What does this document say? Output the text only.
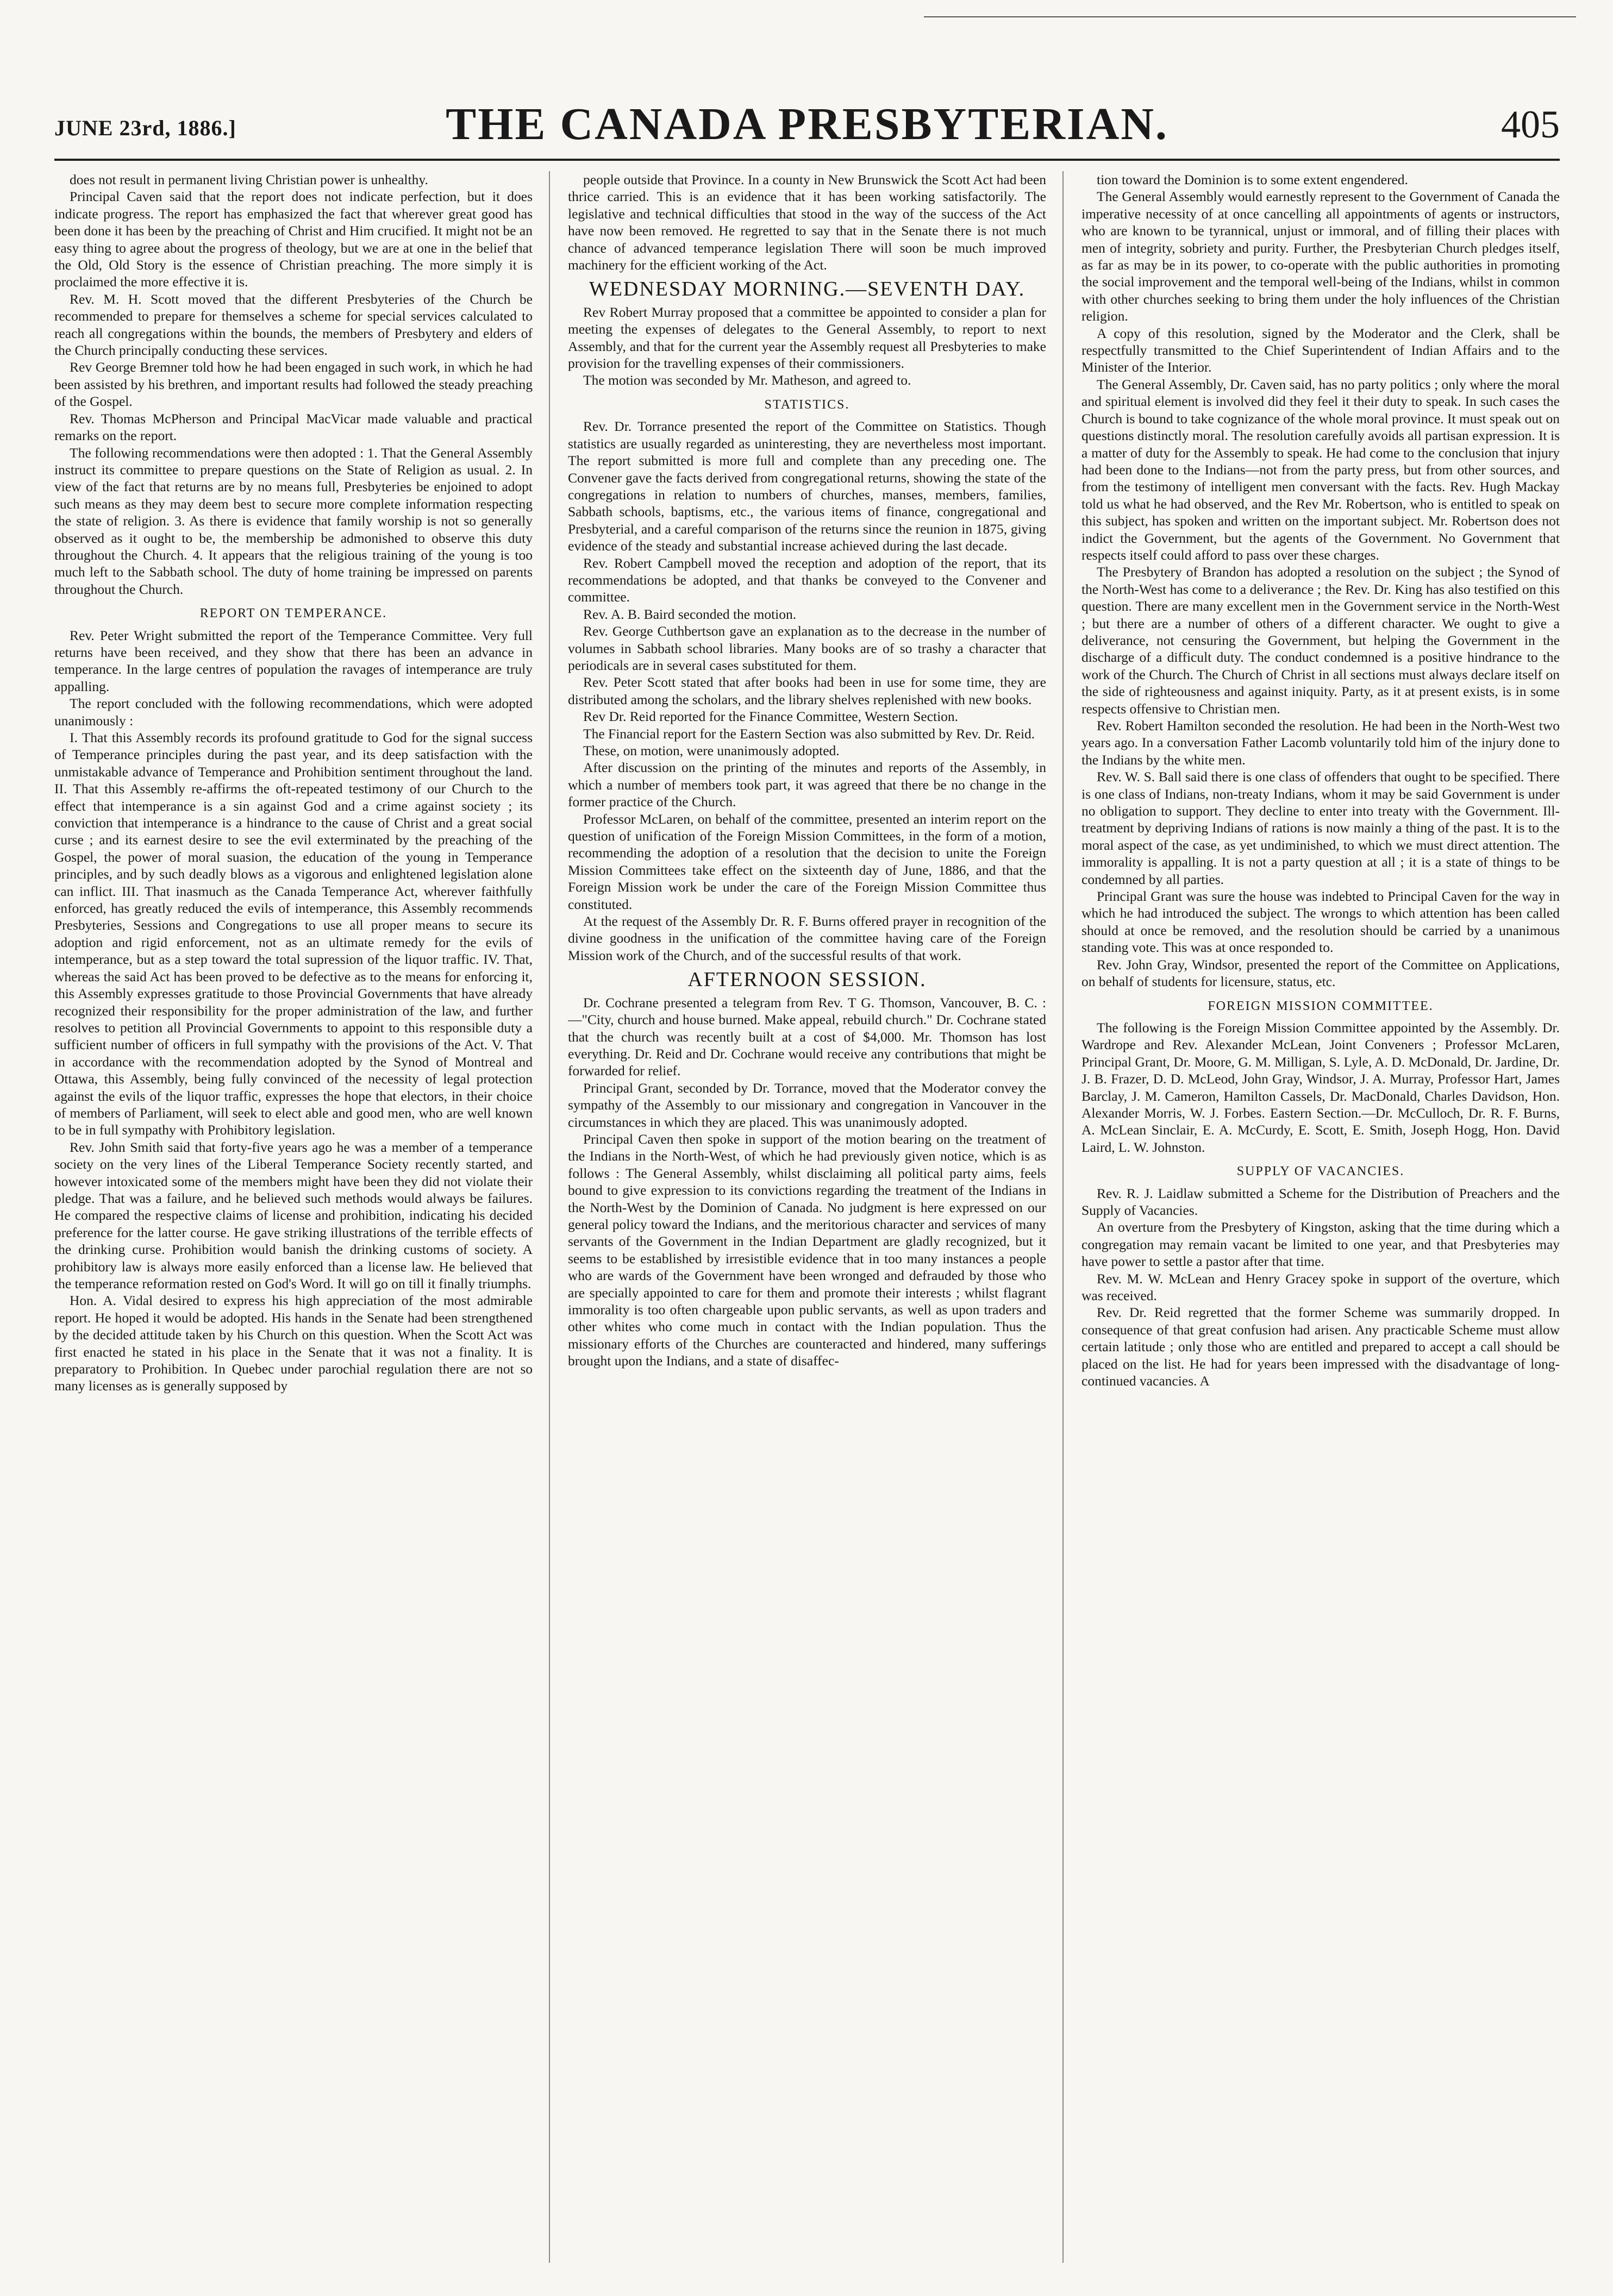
JUNE 23rd, 1886.]	THE CANADA PRESBYTERIAN.	405

does not result in permanent living Christian power is unhealthy.

Principal Caven said that the report does not indicate perfection, but it does indicate progress. The report has emphasized the fact that wherever great good has been done it has been by the preaching of Christ and Him crucified. It might not be an easy thing to agree about the progress of theology, but we are at one in the belief that the Old, Old Story is the essence of Christian preaching. The more simply it is proclaimed the more effective it is.

Rev. M. H. Scott moved that the different Presbyteries of the Church be recommended to prepare for themselves a scheme for special services calculated to reach all congregations within the bounds, the members of Presbytery and elders of the Church principally conducting these services.

Rev George Bremner told how he had been engaged in such work, in which he had been assisted by his brethren, and important results had followed the steady preaching of the Gospel.

Rev. Thomas McPherson and Principal MacVicar made valuable and practical remarks on the report.

The following recommendations were then adopted : 1. That the General Assembly instruct its committee to prepare questions on the State of Religion as usual. 2. In view of the fact that returns are by no means full, Presbyteries be enjoined to adopt such means as they may deem best to secure more complete information respecting the state of religion. 3. As there is evidence that family worship is not so generally observed as it ought to be, the membership be admonished to observe this duty throughout the Church. 4. It appears that the religious training of the young is too much left to the Sabbath school. The duty of home training be impressed on parents throughout the Church.

REPORT ON TEMPERANCE.

Rev. Peter Wright submitted the report of the Temperance Committee. Very full returns have been received, and they show that there has been an advance in temperance. In the large centres of population the ravages of intemperance are truly appalling.

The report concluded with the following recommendations, which were adopted unanimously :

I. That this Assembly records its profound gratitude to God for the signal success of Temperance principles during the past year, and its deep satisfaction with the unmistakable advance of Temperance and Prohibition sentiment throughout the land. II. That this Assembly re-affirms the oft-repeated testimony of our Church to the effect that intemperance is a sin against God and a crime against society ; its conviction that intemperance is a hindrance to the cause of Christ and a great social curse ; and its earnest desire to see the evil exterminated by the preaching of the Gospel, the power of moral suasion, the education of the young in Temperance principles, and by such deadly blows as a vigorous and enlightened legislation alone can inflict. III. That inasmuch as the Canada Temperance Act, wherever faithfully enforced, has greatly reduced the evils of intemperance, this Assembly recommends Presbyteries, Sessions and Congregations to use all proper means to secure its adoption and rigid enforcement, not as an ultimate remedy for the evils of intemperance, but as a step toward the total supression of the liquor traffic. IV. That, whereas the said Act has been proved to be defective as to the means for enforcing it, this Assembly expresses gratitude to those Provincial Governments that have already recognized their responsibility for the proper administration of the law, and further resolves to petition all Provincial Governments to appoint to this responsible duty a sufficient number of officers in full sympathy with the provisions of the Act. V. That in accordance with the recommendation adopted by the Synod of Montreal and Ottawa, this Assembly, being fully convinced of the necessity of legal protection against the evils of the liquor traffic, expresses the hope that electors, in their choice of members of Parliament, will seek to elect able and good men, who are well known to be in full sympathy with Prohibitory legislation.

Rev. John Smith said that forty-five years ago he was a member of a temperance society on the very lines of the Liberal Temperance Society recently started, and however intoxicated some of the members might have been they did not violate their pledge. That was a failure, and he believed such methods would always be failures. He compared the respective claims of license and prohibition, indicating his decided preference for the latter course. He gave striking illustrations of the terrible effects of the drinking curse. Prohibition would banish the drinking customs of society. A prohibitory law is always more easily enforced than a license law. He believed that the temperance reformation rested on God's Word. It will go on till it finally triumphs.

Hon. A. Vidal desired to express his high appreciation of the most admirable report. He hoped it would be adopted. His hands in the Senate had been strengthened by the decided attitude taken by his Church on this question. When the Scott Act was first enacted he stated in his place in the Senate that it was not a finality. It is preparatory to Prohibition. In Quebec under parochial regulation there are not so many licenses as is generally supposed by

people outside that Province. In a county in New Brunswick the Scott Act had been thrice carried. This is an evidence that it has been working satisfactorily. The legislative and technical difficulties that stood in the way of the success of the Act have now been removed. He regretted to say that in the Senate there is not much chance of advanced temperance legislation There will soon be much improved machinery for the efficient working of the Act.

WEDNESDAY MORNING.—SEVENTH DAY.

Rev Robert Murray proposed that a committee be appointed to consider a plan for meeting the expenses of delegates to the General Assembly, to report to next Assembly, and that for the current year the Assembly request all Presbyteries to make provision for the travelling expenses of their commissioners.

The motion was seconded by Mr. Matheson, and agreed to.

STATISTICS.

Rev. Dr. Torrance presented the report of the Committee on Statistics. Though statistics are usually regarded as uninteresting, they are nevertheless most important. The report submitted is more full and complete than any preceding one. The Convener gave the facts derived from congregational returns, showing the state of the congregations in relation to numbers of churches, manses, members, families, Sabbath schools, baptisms, etc., the various items of finance, congregational and Presbyterial, and a careful comparison of the returns since the reunion in 1875, giving evidence of the steady and substantial increase achieved during the last decade.

Rev. Robert Campbell moved the reception and adoption of the report, that its recommendations be adopted, and that thanks be conveyed to the Convener and committee.

Rev. A. B. Baird seconded the motion.

Rev. George Cuthbertson gave an explanation as to the decrease in the number of volumes in Sabbath school libraries. Many books are of so trashy a character that periodicals are in several cases substituted for them.

Rev. Peter Scott stated that after books had been in use for some time, they are distributed among the scholars, and the library shelves replenished with new books.

Rev Dr. Reid reported for the Finance Committee, Western Section.

The Financial report for the Eastern Section was also submitted by Rev. Dr. Reid.

These, on motion, were unanimously adopted.

After discussion on the printing of the minutes and reports of the Assembly, in which a number of members took part, it was agreed that there be no change in the former practice of the Church.

Professor McLaren, on behalf of the committee, presented an interim report on the question of unification of the Foreign Mission Committees, in the form of a motion, recommending the adoption of a resolution that the decision to unite the Foreign Mission Committees take effect on the sixteenth day of June, 1886, and that the Foreign Mission work be under the care of the Foreign Mission Committee thus constituted.

At the request of the Assembly Dr. R. F. Burns offered prayer in recognition of the divine goodness in the unification of the committee having care of the Foreign Mission work of the Church, and of the successful results of that work.

AFTERNOON SESSION.

Dr. Cochrane presented a telegram from Rev. T G. Thomson, Vancouver, B. C. :—"City, church and house burned. Make appeal, rebuild church." Dr. Cochrane stated that the church was recently built at a cost of $4,000. Mr. Thomson has lost everything. Dr. Reid and Dr. Cochrane would receive any contributions that might be forwarded for relief.

Principal Grant, seconded by Dr. Torrance, moved that the Moderator convey the sympathy of the Assembly to our missionary and congregation in Vancouver in the circumstances in which they are placed. This was unanimously adopted.

Principal Caven then spoke in support of the motion bearing on the treatment of the Indians in the North-West, of which he had previously given notice, which is as follows : The General Assembly, whilst disclaiming all political party aims, feels bound to give expression to its convictions regarding the treatment of the Indians in the North-West by the Dominion of Canada. No judgment is here expressed on our general policy toward the Indians, and the meritorious character and services of many servants of the Government in the Indian Department are gladly recognized, but it seems to be established by irresistible evidence that in too many instances a people who are wards of the Government have been wronged and defrauded by those who are specially appointed to care for them and promote their interests ; whilst flagrant immorality is too often chargeable upon public servants, as well as upon traders and other whites who come much in contact with the Indian population. Thus the missionary efforts of the Churches are counteracted and hindered, many sufferings brought upon the Indians, and a state of disaffec-

tion toward the Dominion is to some extent engendered.

The General Assembly would earnestly represent to the Government of Canada the imperative necessity of at once cancelling all appointments of agents or instructors, who are known to be tyrannical, unjust or immoral, and of filling their places with men of integrity, sobriety and purity. Further, the Presbyterian Church pledges itself, as far as may be in its power, to co-operate with the public authorities in promoting the social improvement and the temporal well-being of the Indians, whilst in common with other churches seeking to bring them under the holy influences of the Christian religion.

A copy of this resolution, signed by the Moderator and the Clerk, shall be respectfully transmitted to the Chief Superintendent of Indian Affairs and to the Minister of the Interior.

The General Assembly, Dr. Caven said, has no party politics ; only where the moral and spiritual element is involved did they feel it their duty to speak. In such cases the Church is bound to take cognizance of the whole moral province. It must speak out on questions distinctly moral. The resolution carefully avoids all partisan expression. It is a matter of duty for the Assembly to speak. He had come to the conclusion that injury had been done to the Indians—not from the party press, but from other sources, and from the testimony of intelligent men conversant with the facts. Rev. Hugh Mackay told us what he had observed, and the Rev Mr. Robertson, who is entitled to speak on this subject, has spoken and written on the important subject. Mr. Robertson does not indict the Government, but the agents of the Government. No Government that respects itself could afford to pass over these charges.

The Presbytery of Brandon has adopted a resolution on the subject ; the Synod of the North-West has come to a deliverance ; the Rev. Dr. King has also testified on this question. There are many excellent men in the Government service in the North-West ; but there are a number of others of a different character. We ought to give a deliverance, not censuring the Government, but helping the Government in the discharge of a difficult duty. The conduct condemned is a positive hindrance to the work of the Church. The Church of Christ in all sections must always declare itself on the side of righteousness and against iniquity. Party, as it at present exists, is in some respects offensive to Christian men.

Rev. Robert Hamilton seconded the resolution. He had been in the North-West two years ago. In a conversation Father Lacomb voluntarily told him of the injury done to the Indians by the white men.

Rev. W. S. Ball said there is one class of offenders that ought to be specified. There is one class of Indians, non-treaty Indians, whom it may be said Government is under no obligation to support. They decline to enter into treaty with the Government. Ill-treatment by depriving Indians of rations is now mainly a thing of the past. It is to the moral aspect of the case, as yet undiminished, to which we must direct attention. The immorality is appalling. It is not a party question at all ; it is a state of things to be condemned by all parties.

Principal Grant was sure the house was indebted to Principal Caven for the way in which he had introduced the subject. The wrongs to which attention has been called should at once be removed, and the resolution should be carried by a unanimous standing vote. This was at once responded to.

Rev. John Gray, Windsor, presented the report of the Committee on Applications, on behalf of students for licensure, status, etc.

FOREIGN MISSION COMMITTEE.

The following is the Foreign Mission Committee appointed by the Assembly. Dr. Wardrope and Rev. Alexander McLean, Joint Conveners ; Professor McLaren, Principal Grant, Dr. Moore, G. M. Milligan, S. Lyle, A. D. McDonald, Dr. Jardine, Dr. J. B. Frazer, D. D. McLeod, John Gray, Windsor, J. A. Murray, Professor Hart, James Barclay, J. M. Cameron, Hamilton Cassels, Dr. MacDonald, Charles Davidson, Hon. Alexander Morris, W. J. Forbes. Eastern Section.—Dr. McCulloch, Dr. R. F. Burns, A. McLean Sinclair, E. A. McCurdy, E. Scott, E. Smith, Joseph Hogg, Hon. David Laird, L. W. Johnston.

SUPPLY OF VACANCIES.

Rev. R. J. Laidlaw submitted a Scheme for the Distribution of Preachers and the Supply of Vacancies.

An overture from the Presbytery of Kingston, asking that the time during which a congregation may remain vacant be limited to one year, and that Presbyteries may have power to settle a pastor after that time.

Rev. M. W. McLean and Henry Gracey spoke in support of the overture, which was received.

Rev. Dr. Reid regretted that the former Scheme was summarily dropped. In consequence of that great confusion had arisen. Any practicable Scheme must allow certain latitude ; only those who are entitled and prepared to accept a call should be placed on the list. He had for years been impressed with the disadvantage of long-continued vacancies. A
